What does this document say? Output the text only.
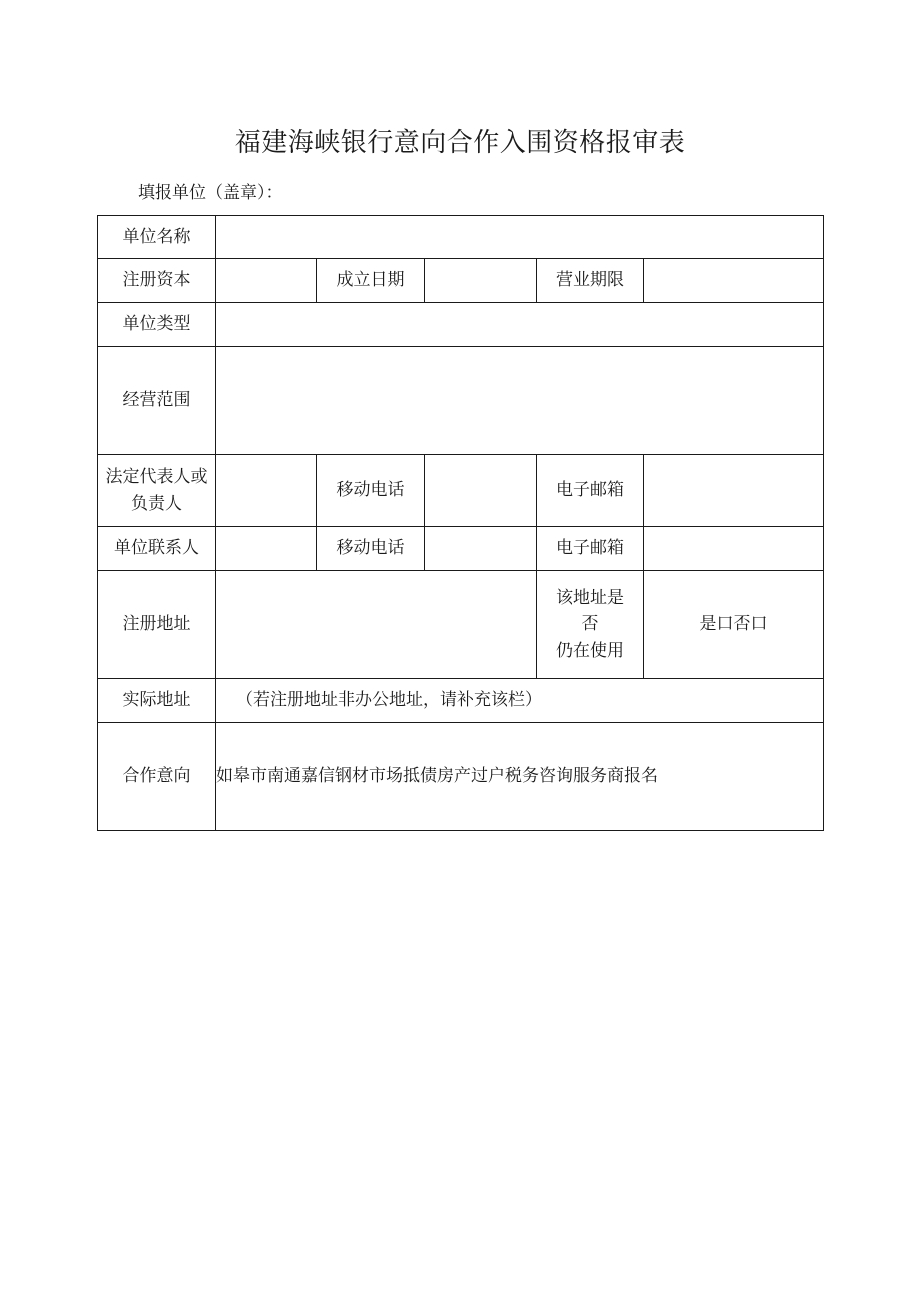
福建海峡银行意向合作入围资格报审表
填报单位（盖章）：
单位名称					
注册资本		成立日期		营业期限	
单位类型					
经营范围					

法定代表人或
负责人		移动电话		电子邮箱	
单位联系人		移动电话		电子邮箱	
注册地址				该地址是
否
仍在使用	是口否口
实际地址	（若注册地址非办公地址，请补充该栏）				
合作意向	如皋市南通嘉信钢材市场抵债房产过户税务咨询服务商报名				
